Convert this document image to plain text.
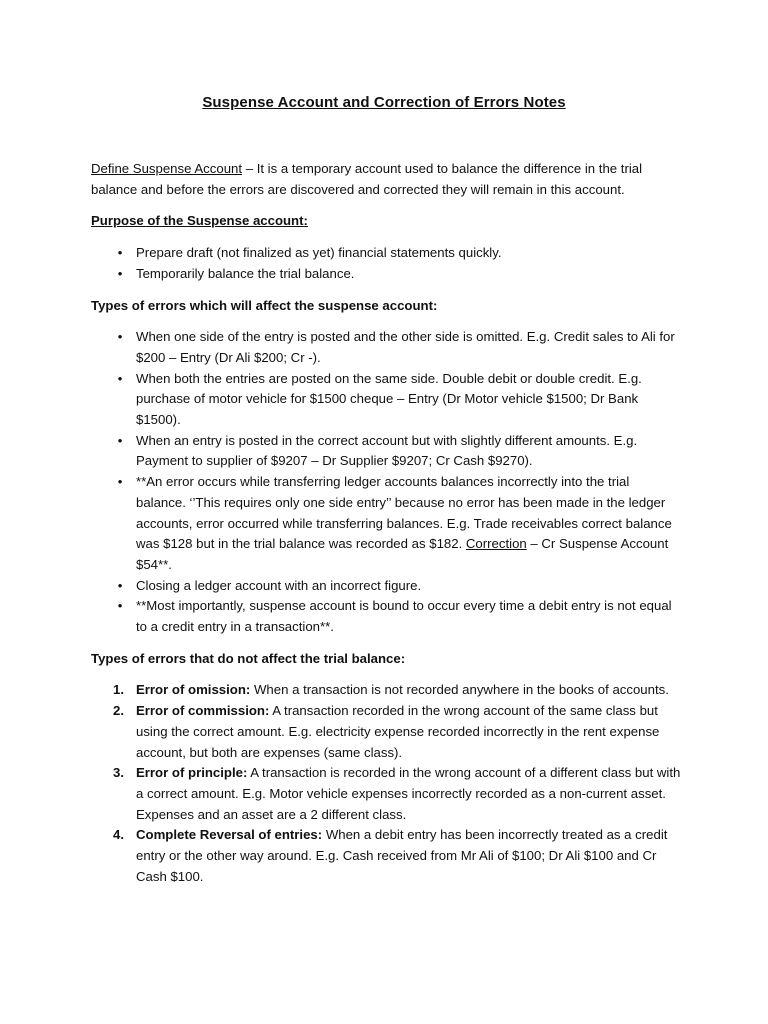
Suspense Account and Correction of Errors Notes

Define Suspense Account – It is a temporary account used to balance the difference in the trial balance and before the errors are discovered and corrected they will remain in this account.

Purpose of the Suspense account:

• Prepare draft (not finalized as yet) financial statements quickly.
• Temporarily balance the trial balance.

Types of errors which will affect the suspense account:

• When one side of the entry is posted and the other side is omitted. E.g. Credit sales to Ali for $200 – Entry (Dr Ali $200; Cr -).
• When both the entries are posted on the same side. Double debit or double credit. E.g. purchase of motor vehicle for $1500 cheque – Entry (Dr Motor vehicle $1500; Dr Bank $1500).
• When an entry is posted in the correct account but with slightly different amounts. E.g. Payment to supplier of $9207 – Dr Supplier $9207; Cr Cash $9270).
• **An error occurs while transferring ledger accounts balances incorrectly into the trial balance. ‘’This requires only one side entry’’ because no error has been made in the ledger accounts, error occurred while transferring balances. E.g. Trade receivables correct balance was $128 but in the trial balance was recorded as $182. Correction – Cr Suspense Account $54**.
• Closing a ledger account with an incorrect figure.
• **Most importantly, suspense account is bound to occur every time a debit entry is not equal to a credit entry in a transaction**.

Types of errors that do not affect the trial balance:

1. Error of omission: When a transaction is not recorded anywhere in the books of accounts.
2. Error of commission: A transaction recorded in the wrong account of the same class but using the correct amount. E.g. electricity expense recorded incorrectly in the rent expense account, but both are expenses (same class).
3. Error of principle: A transaction is recorded in the wrong account of a different class but with a correct amount. E.g. Motor vehicle expenses incorrectly recorded as a non-current asset. Expenses and an asset are a 2 different class.
4. Complete Reversal of entries: When a debit entry has been incorrectly treated as a credit entry or the other way around. E.g. Cash received from Mr Ali of $100; Dr Ali $100 and Cr Cash $100.
